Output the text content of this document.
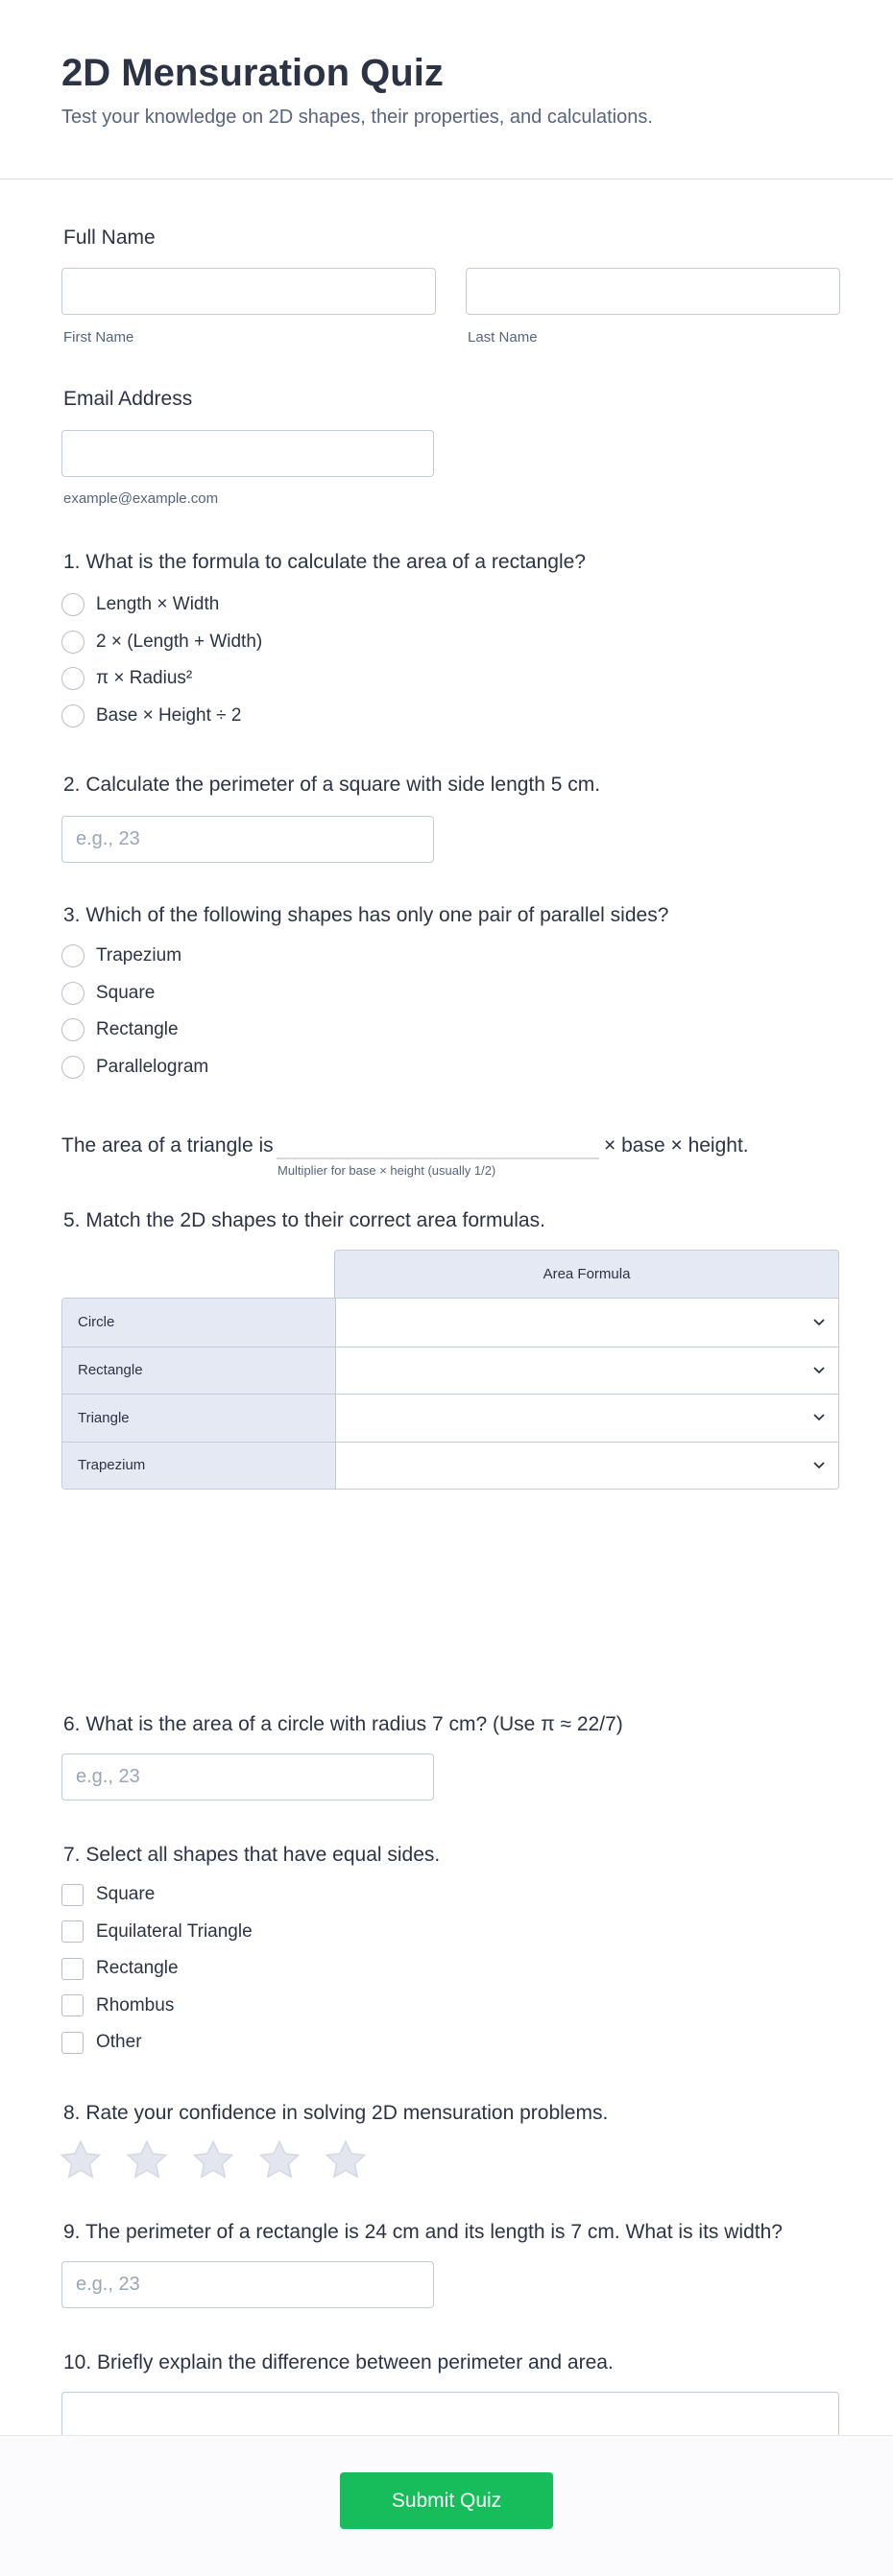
2D Mensuration Quiz

Test your knowledge on 2D shapes, their properties, and calculations.

Full Name
First Name	Last Name
Email Address
example@example.com
1. What is the formula to calculate the area of a rectangle?
Length × Width
2 × (Length + Width)
π × Radius²
Base × Height ÷ 2
2. Calculate the perimeter of a square with side length 5 cm.
e.g., 23
3. Which of the following shapes has only one pair of parallel sides?
Trapezium
Square
Rectangle
Parallelogram
The area of a triangle is	× base × height.
Multiplier for base × height (usually 1/2)
5. Match the 2D shapes to their correct area formulas.
Area Formula
Circle
Rectangle
Triangle
Trapezium
6. What is the area of a circle with radius 7 cm? (Use π ≈ 22/7)
e.g., 23
7. Select all shapes that have equal sides.
Square
Equilateral Triangle
Rectangle
Rhombus
Other
8. Rate your confidence in solving 2D mensuration problems.
9. The perimeter of a rectangle is 24 cm and its length is 7 cm. What is its width?
e.g., 23
10. Briefly explain the difference between perimeter and area.
Submit Quiz
